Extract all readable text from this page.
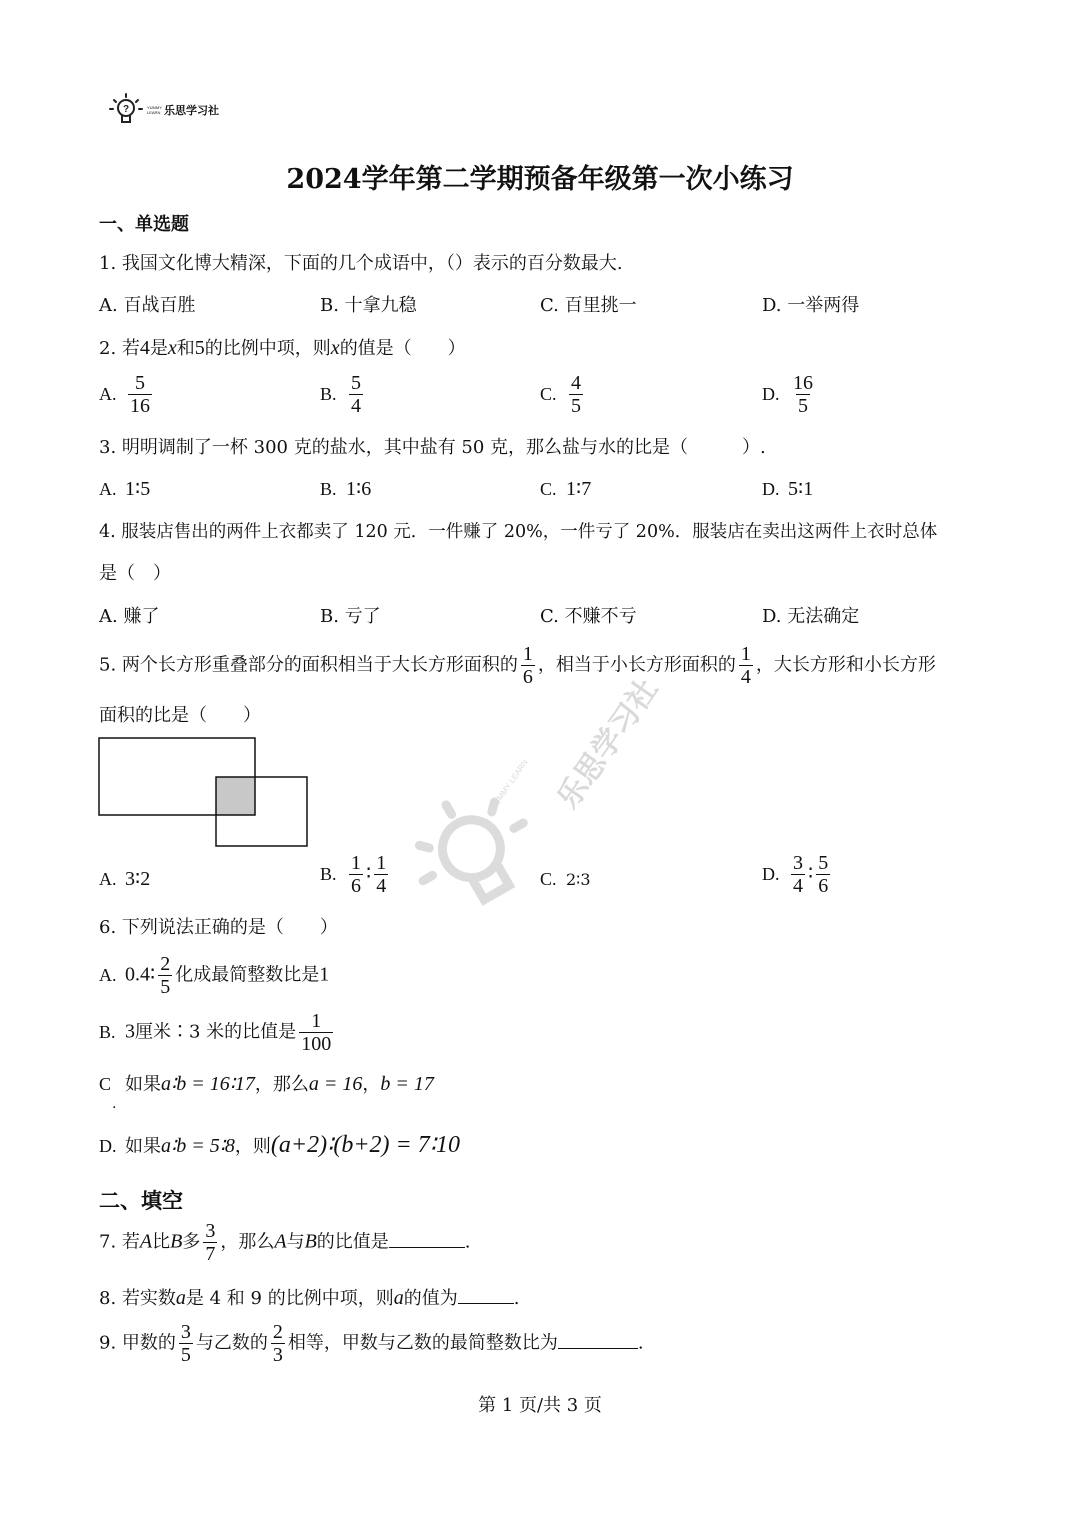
?	YUMMY LEARN 乐思学习社
2024学年第二学期预备年级第一次小练习
YUMMY LEARN 乐思学习社
一、单选题
1. 我国文化博大精深，下面的几个成语中，（）表示的百分数最大.
A. 百战百胜	B. 十拿九稳	C. 百里挑一	D. 一举两得
2. 若4是x和5的比例中项，则x的值是（　　）
A. $\frac{5}{16}$	B. $\frac{5}{4}$	C. $\frac{4}{5}$	D. $\frac{16}{5}$
3. 明明调制了一杯 300 克的盐水，其中盐有 50 克，那么盐与水的比是（　　　）.
A. 1∶5	B. 1∶6	C. 1∶7	D. 5∶1
4. 服装店售出的两件上衣都卖了 120 元．一件赚了 20%，一件亏了 20%．服装店在卖出这两件上衣时总体
是（　）
A. 赚了	B. 亏了	C. 不赚不亏	D. 无法确定
5. 两个长方形重叠部分的面积相当于大长方形面积的 $\frac{1}{6}$ ，相当于小长方形面积的 $\frac{1}{4}$ ，大长方形和小长方形
面积的比是（　　）
A. 3∶2	B. $\frac{1}{6}$ ∶ $\frac{1}{4}$	C. 2∶3	D. $\frac{3}{4}$ ∶ $\frac{5}{6}$
6. 下列说法正确的是（　　）
A. 0.4∶ $\frac{2}{5}$ 化成最简整数比是1
B. 3厘米∶3 米的比值是 $\frac{1}{100}$
C 如果a∶b = 16∶17，那么a = 16，b = 17
.
D. 如果a∶b = 5∶8，则(a+2)∶(b+2) = 7∶10
二、填空
7. 若A比B多 $\frac{3}{7}$ ，那么A与B的比值是	.
8. 若实数a是 4 和 9 的比例中项，则a的值为	.
9. 甲数的 $\frac{3}{5}$ 与乙数的 $\frac{2}{3}$ 相等，甲数与乙数的最简整数比为	.
第 1 页/共 3 页
